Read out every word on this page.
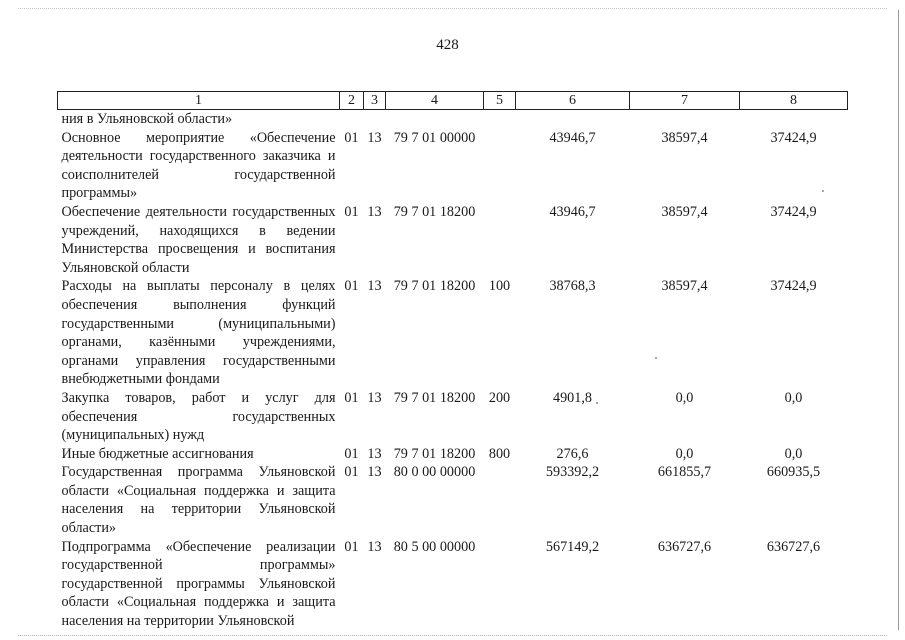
428
1	2	3	4	5	6	7	8
ния в Ульяновской области»							
Основное мероприятие «Обеспечение деятельности государственного заказчика и соисполнителей государственной программы»	01	13	79 7 01 00000		43946,7	38597,4	37424,9
Обеспечение деятельности государственных учреждений, находящихся в ведении Министерства просвещения и воспитания Ульяновской области	01	13	79 7 01 18200		43946,7	38597,4	37424,9
Расходы на выплаты персоналу в целях обеспечения выполнения функций государственными (муниципальными) органами, казёнными учреждениями, органами управления государственными внебюджетными фондами	01	13	79 7 01 18200	100	38768,3	38597,4	37424,9
Закупка товаров, работ и услуг для обеспечения государственных (муниципальных) нужд	01	13	79 7 01 18200	200	4901,8	0,0	0,0
Иные бюджетные ассигнования	01	13	79 7 01 18200	800	276,6	0,0	0,0
Государственная программа Ульяновской области «Социальная поддержка и защита населения на территории Ульяновской области»	01	13	80 0 00 00000		593392,2	661855,7	660935,5
Подпрограмма «Обеспечение реализации государственной программы» государственной программы Ульяновской области «Социальная поддержка и защита населения на территории Ульяновской	01	13	80 5 00 00000		567149,2	636727,6	636727,6
